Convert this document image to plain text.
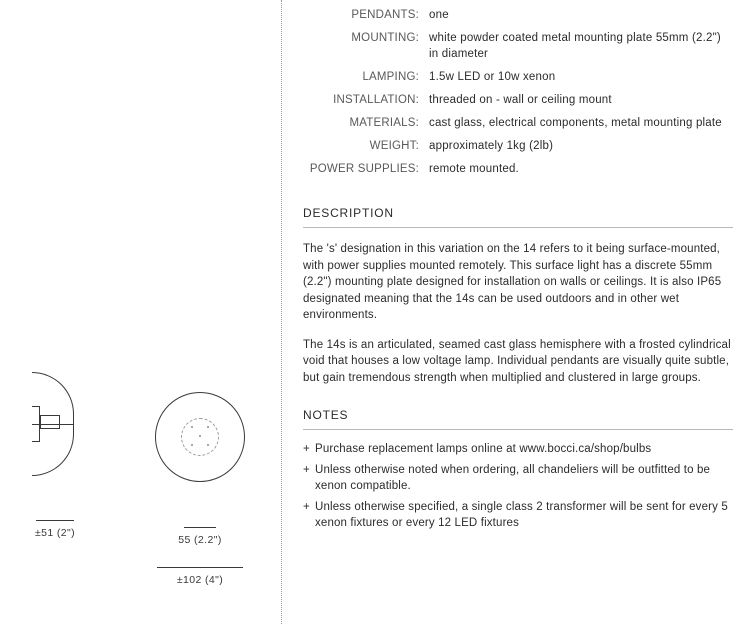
±51 (2")
55 (2.2")
±102 (4")
PENDANTS:	one
MOUNTING:	white powder coated metal mounting plate 55mm (2.2") in diameter
LAMPING:	1.5w LED or 10w xenon
INSTALLATION:	threaded on - wall or ceiling mount
MATERIALS:	cast glass, electrical components, metal mounting plate
WEIGHT:	approximately 1kg (2lb)
POWER SUPPLIES:	remote mounted.
DESCRIPTION

The 's' designation in this variation on the 14 refers to it being surface-mounted, with power supplies mounted remotely. This surface light has a discrete 55mm (2.2") mounting plate designed for installation on walls or ceilings. It is also IP65 designated meaning that the 14s can be used outdoors and in other wet environments.

The 14s is an articulated, seamed cast glass hemisphere with a frosted cylindrical void that houses a low voltage lamp. Individual pendants are visually quite subtle, but gain tremendous strength when multiplied and clustered in large groups.

NOTES
+ Purchase replacement lamps online at www.bocci.ca/shop/bulbs
+ Unless otherwise noted when ordering, all chandeliers will be outfitted to be xenon compatible.
+ Unless otherwise specified, a single class 2 transformer will be sent for every 5 xenon fixtures or every 12 LED fixtures
